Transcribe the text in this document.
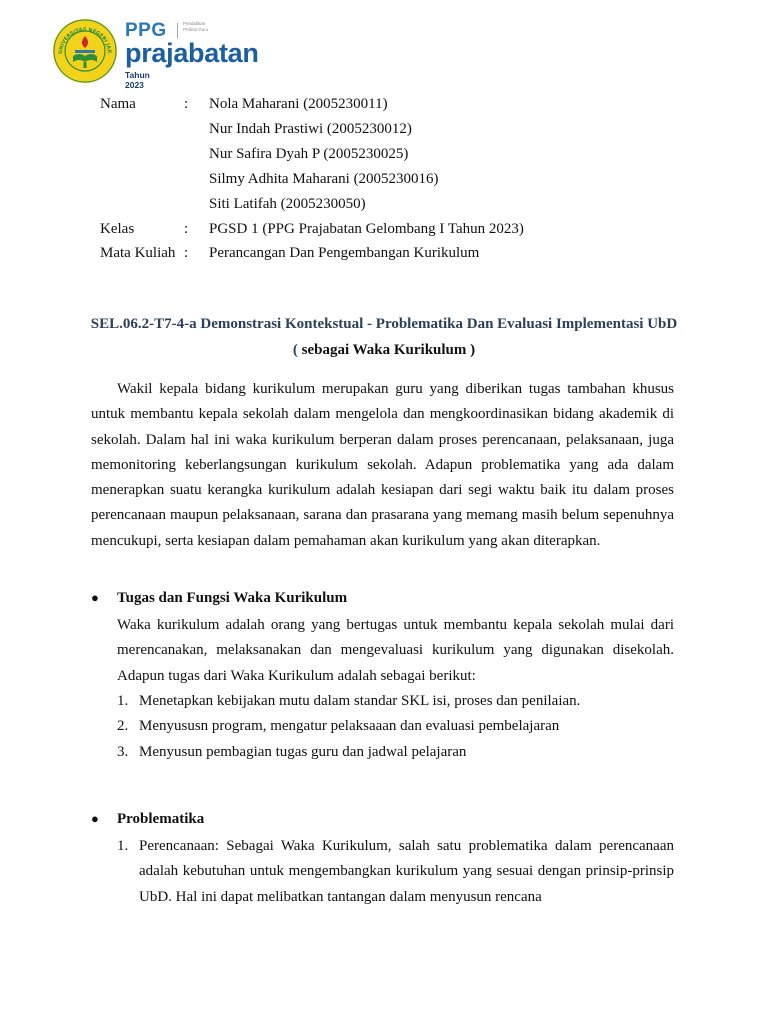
UNIVERSITAS NEGERI JAK
PPG	Pendidikan Profesi Guru
prajabatan
Tahun 2023
Nama	: Nola Maharani (2005230011)
Nur Indah Prastiwi (2005230012)
Nur Safira Dyah P (2005230025)
Silmy Adhita Maharani (2005230016)
Siti Latifah (2005230050)
Kelas	: PGSD 1 (PPG Prajabatan Gelombang I Tahun 2023)
Mata Kuliah : Perancangan Dan Pengembangan Kurikulum
SEL.06.2-T7-4-a Demonstrasi Kontekstual - Problematika Dan Evaluasi Implementasi UbD ( sebagai Waka Kurikulum )

Wakil kepala bidang kurikulum merupakan guru yang diberikan tugas tambahan khusus untuk membantu kepala sekolah dalam mengelola dan mengkoordinasikan bidang akademik di sekolah. Dalam hal ini waka kurikulum berperan dalam proses perencanaan, pelaksanaan, juga memonitoring keberlangsungan kurikulum sekolah. Adapun problematika yang ada dalam menerapkan suatu kerangka kurikulum adalah kesiapan dari segi waktu baik itu dalam proses perencanaan maupun pelaksanaan, sarana dan prasarana yang memang masih belum sepenuhnya mencukupi, serta kesiapan dalam pemahaman akan kurikulum yang akan diterapkan.

● Tugas dan Fungsi Waka Kurikulum

Waka kurikulum adalah orang yang bertugas untuk membantu kepala sekolah mulai dari merencanakan, melaksanakan dan mengevaluasi kurikulum yang digunakan disekolah. Adapun tugas dari Waka Kurikulum adalah sebagai berikut:

1. Menetapkan kebijakan mutu dalam standar SKL isi, proses dan penilaian.
2. Menyususn program, mengatur pelaksaaan dan evaluasi pembelajaran
3. Menyusun pembagian tugas guru dan jadwal pelajaran
● Problematika
1. Perencanaan: Sebagai Waka Kurikulum, salah satu problematika dalam perencanaan adalah kebutuhan untuk mengembangkan kurikulum yang sesuai dengan prinsip-prinsip UbD. Hal ini dapat melibatkan tantangan dalam menyusun rencana
